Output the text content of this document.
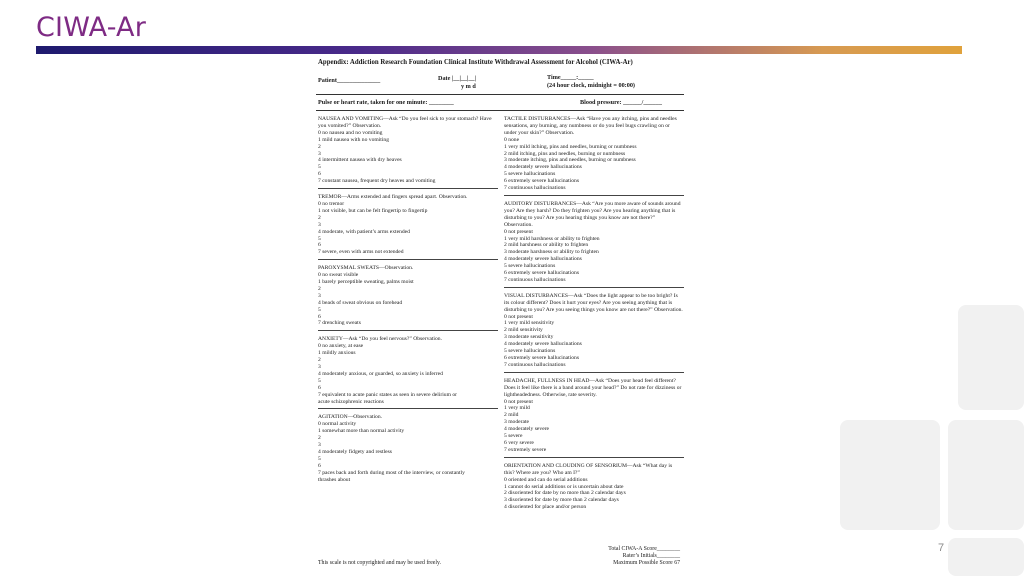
CIWA-Ar
7
Appendix: Addiction Research Foundation Clinical Institute Withdrawal Assessment for Alcohol (CIWA-Ar)
Patient______________	Date |__|__|__|
y m d
Time_____:_____
(24 hour clock, midnight = 00:00)
Pulse or heart rate, taken for one minute: ________	Blood pressure: ______/______
NAUSEA AND VOMITING—Ask “Do you feel sick to your stomach? Have you vomited?” Observation.
0 no nausea and no vomiting
1 mild nausea with no vomiting
2
3
4 intermittent nausea with dry heaves
5
6
7 constant nausea, frequent dry heaves and vomiting
TREMOR—Arms extended and fingers spread apart. Observation.
0 no tremor
1 not visible, but can be felt fingertip to fingertip
2
3
4 moderate, with patient’s arms extended
5
6
7 severe, even with arms not extended
PAROXYSMAL SWEATS—Observation.
0 no sweat visible
1 barely perceptible sweating, palms moist
2
3
4 beads of sweat obvious on forehead
5
6
7 drenching sweats
ANXIETY—Ask “Do you feel nervous?” Observation.
0 no anxiety, at ease
1 mildly anxious
2
3
4 moderately anxious, or guarded, so anxiety is inferred
5
6
7 equivalent to acute panic states as seen in severe delirium or
acute schizophrenic reactions
AGITATION—Observation.
0 normal activity
1 somewhat more than normal activity
2
3
4 moderately fidgety and restless
5
6
7 paces back and forth during most of the interview, or constantly
thrashes about
TACTILE DISTURBANCES—Ask “Have you any itching, pins and needles sensations, any burning, any numbness or do you feel bugs crawling on or under your skin?” Observation.
0 none
1 very mild itching, pins and needles, burning or numbness
2 mild itching, pins and needles, burning or numbness
3 moderate itching, pins and needles, burning or numbness
4 moderately severe hallucinations
5 severe hallucinations
6 extremely severe hallucinations
7 continuous hallucinations
AUDITORY DISTURBANCES—Ask “Are you more aware of sounds around you? Are they harsh? Do they frighten you? Are you hearing anything that is disturbing to you? Are you hearing things you know are not there?” Observation.
0 not present
1 very mild harshness or ability to frighten
2 mild harshness or ability to frighten
3 moderate harshness or ability to frighten
4 moderately severe hallucinations
5 severe hallucinations
6 extremely severe hallucinations
7 continuous hallucinations
VISUAL DISTURBANCES—Ask “Does the light appear to be too bright? Is its colour different? Does it hurt your eyes? Are you seeing anything that is disturbing to you? Are you seeing things you know are not there?” Observation.
0 not present
1 very mild sensitivity
2 mild sensitivity
3 moderate sensitivity
4 moderately severe hallucinations
5 severe hallucinations
6 extremely severe hallucinations
7 continuous hallucinations
HEADACHE, FULLNESS IN HEAD—Ask “Does your head feel different? Does it feel like there is a band around your head?” Do not rate for dizziness or lightheadedness. Otherwise, rate severity.
0 not present
1 very mild
2 mild
3 moderate
4 moderately severe
5 severe
6 very severe
7 extremely severe
ORIENTATION AND CLOUDING OF SENSORIUM—Ask “What day is this? Where are you? Who am I?”
0 oriented and can do serial additions
1 cannot do serial additions or is uncertain about date
2 disoriented for date by no more than 2 calendar days
3 disoriented for date by more than 2 calendar days
4 disoriented for place and/or person
Total CIWA-A Score________
Rater’s Initials________
Maximum Possible Score 67
This scale is not copyrighted and may be used freely.
